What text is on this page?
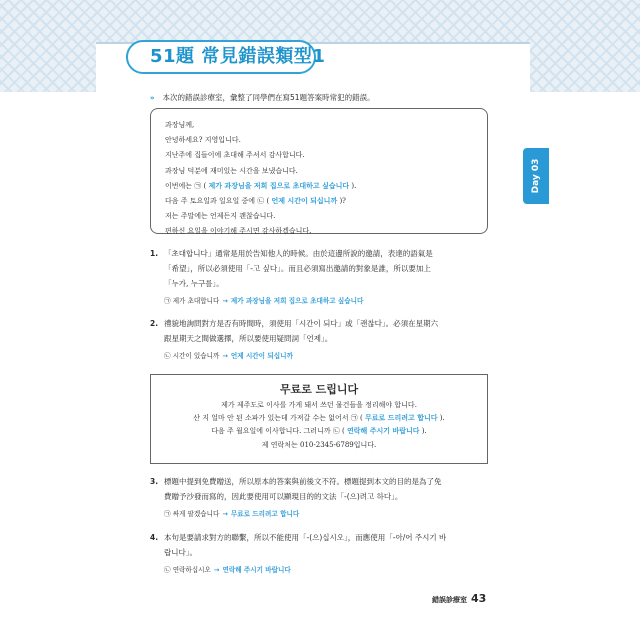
51題 常見錯誤類型1
» 本次的錯誤診療室，彙整了同學們在寫51題答案時常犯的錯誤。
과장님께,
안녕하세요? 지영입니다.
지난주에 집들이에 초대해 주셔서 감사합니다.
과장님 덕분에 재미있는 시간을 보냈습니다.
이번에는 ㉠ ( 제가 과장님을 저희 집으로 초대하고 싶습니다 ).
다음 주 토요일과 일요일 중에 ㉡ ( 언제 시간이 되십니까 )?
저는 주말에는 언제든지 괜찮습니다.
편하신 요일을 이야기해 주시면 감사하겠습니다.
1. 「초대합니다」通常是用於告知他人的時候。由於這邊所說的邀請，表達的語氣是
「希望」，所以必須使用「-고 싶다」。而且必須寫出邀請的對象是誰，所以要加上
「누가, 누구를」。
㉠ 제가 초대합니다 → 제가 과장님을 저희 집으로 초대하고 싶습니다
2. 禮貌地詢問對方是否有時間時，須使用「시간이 되다」或「괜찮다」。必須在星期六
跟星期天之間做選擇，所以要使用疑問詞「언제」。
㉡ 시간이 있습니까 → 언제 시간이 되십니까
무료로 드립니다
제가 제주도로 이사를 가게 돼서 쓰던 물건들을 정리해야 합니다.
산 지 얼마 안 된 소파가 있는데 가져갈 수는 없어서 ㉠ ( 무료로 드리려고 합니다 ).
다음 주 월요일에 이사합니다. 그러니까 ㉡ ( 연락해 주시기 바랍니다 ).
제 연락처는 010-2345-6789입니다.
3. 標題中提到免費贈送，所以原本的答案與前後文不符。標題提到本文的目的是為了免
費贈予沙發而寫的，因此要使用可以顯現目的的文法「-(으)려고 하다」。
㉠ 싸게 팔겠습니다 → 무료로 드리려고 합니다
4. 本句是要請求對方的聯繫，所以不能使用「-(으)십시오」，而應使用「-아/어 주시기 바
랍니다」。
㉡ 연락하십시오 → 연락해 주시기 바랍니다
Day 03
錯誤診療室 43
